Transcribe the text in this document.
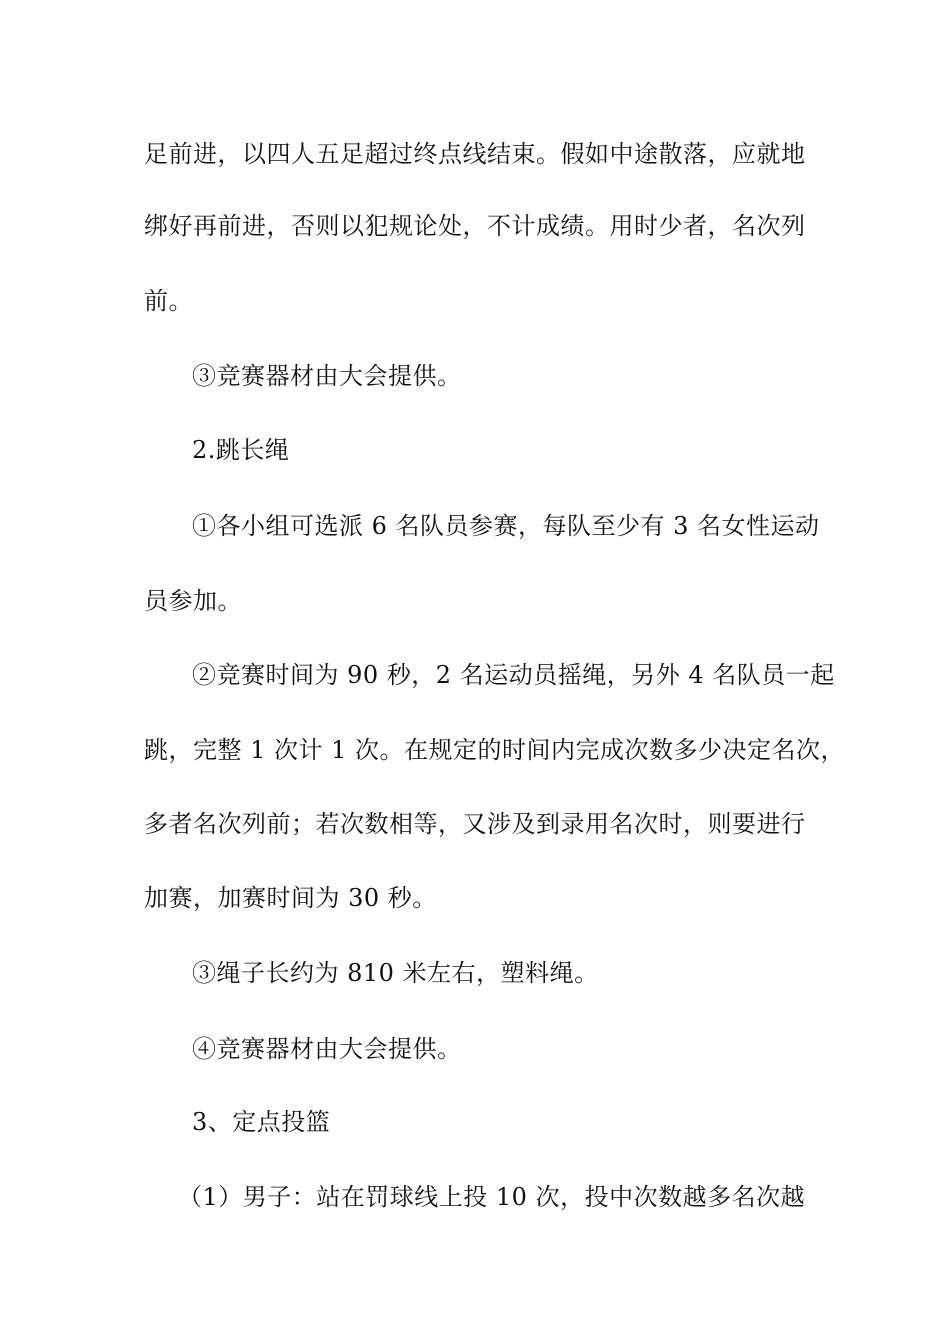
足前进，以四人五足超过终点线结束。假如中途散落，应就地
绑好再前进，否则以犯规论处，不计成绩。用时少者，名次列
前。
③竞赛器材由大会提供。
2.跳长绳
①各小组可选派 6 名队员参赛，每队至少有 3 名女性运动
员参加。
②竞赛时间为 90 秒，2 名运动员摇绳，另外 4 名队员一起
跳，完整 1 次计 1 次。在规定的时间内完成次数多少决定名次，
多者名次列前；若次数相等，又涉及到录用名次时，则要进行
加赛，加赛时间为 30 秒。
③绳子长约为 810 米左右，塑料绳。
④竞赛器材由大会提供。
3、定点投篮
（1）男子：站在罚球线上投 10 次，投中次数越多名次越
